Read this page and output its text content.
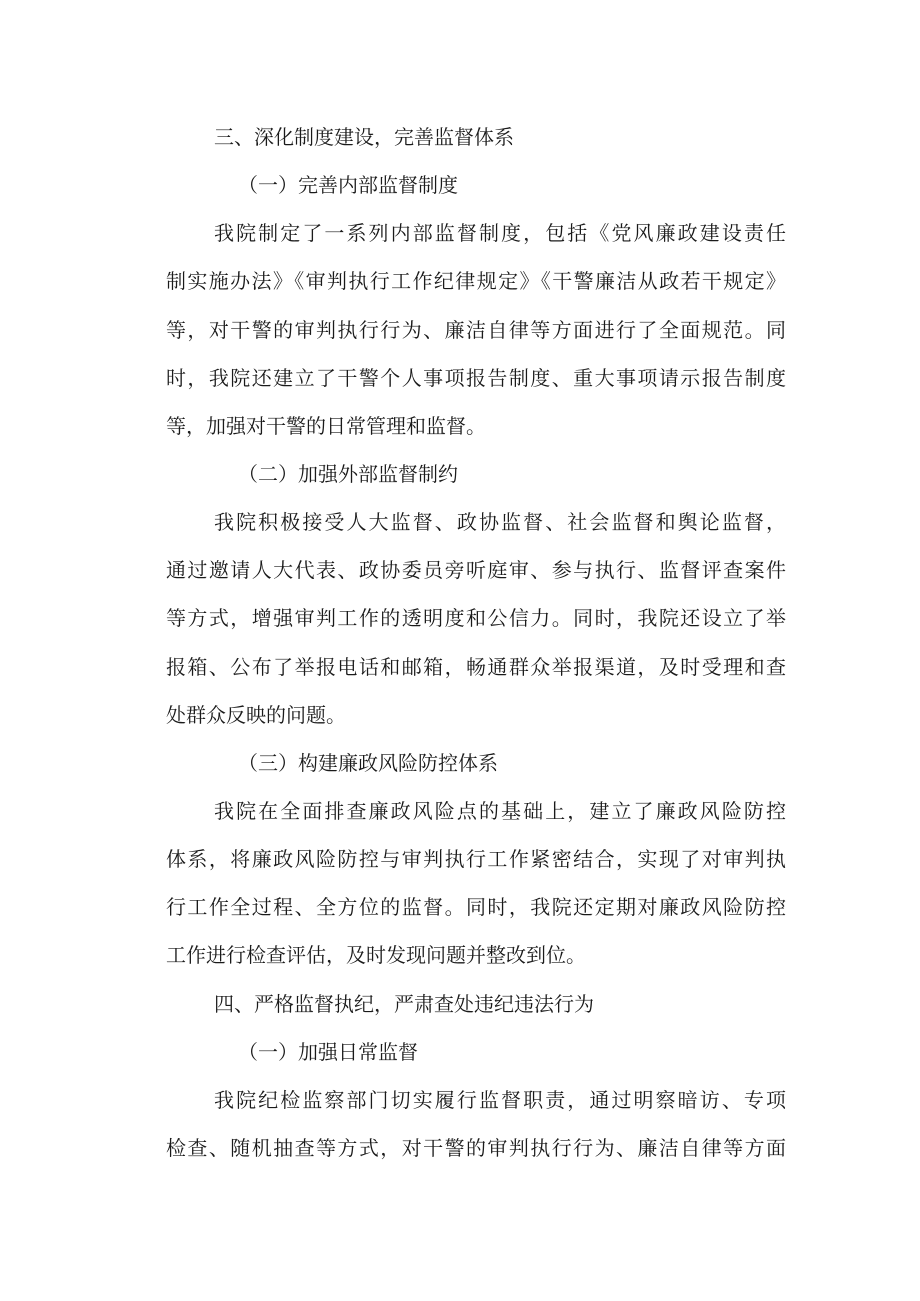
三、深化制度建设，完善监督体系
（一）完善内部监督制度
我院制定了一系列内部监督制度，包括《党风廉政建设责任
制实施办法》《审判执行工作纪律规定》《干警廉洁从政若干规定》
等，对干警的审判执行行为、廉洁自律等方面进行了全面规范。同
时，我院还建立了干警个人事项报告制度、重大事项请示报告制度
等，加强对干警的日常管理和监督。
（二）加强外部监督制约
我院积极接受人大监督、政协监督、社会监督和舆论监督，
通过邀请人大代表、政协委员旁听庭审、参与执行、监督评查案件
等方式，增强审判工作的透明度和公信力。同时，我院还设立了举
报箱、公布了举报电话和邮箱，畅通群众举报渠道，及时受理和查
处群众反映的问题。
（三）构建廉政风险防控体系
我院在全面排查廉政风险点的基础上，建立了廉政风险防控
体系，将廉政风险防控与审判执行工作紧密结合，实现了对审判执
行工作全过程、全方位的监督。同时，我院还定期对廉政风险防控
工作进行检查评估，及时发现问题并整改到位。
四、严格监督执纪，严肃查处违纪违法行为
（一）加强日常监督
我院纪检监察部门切实履行监督职责，通过明察暗访、专项
检查、随机抽查等方式，对干警的审判执行行为、廉洁自律等方面
